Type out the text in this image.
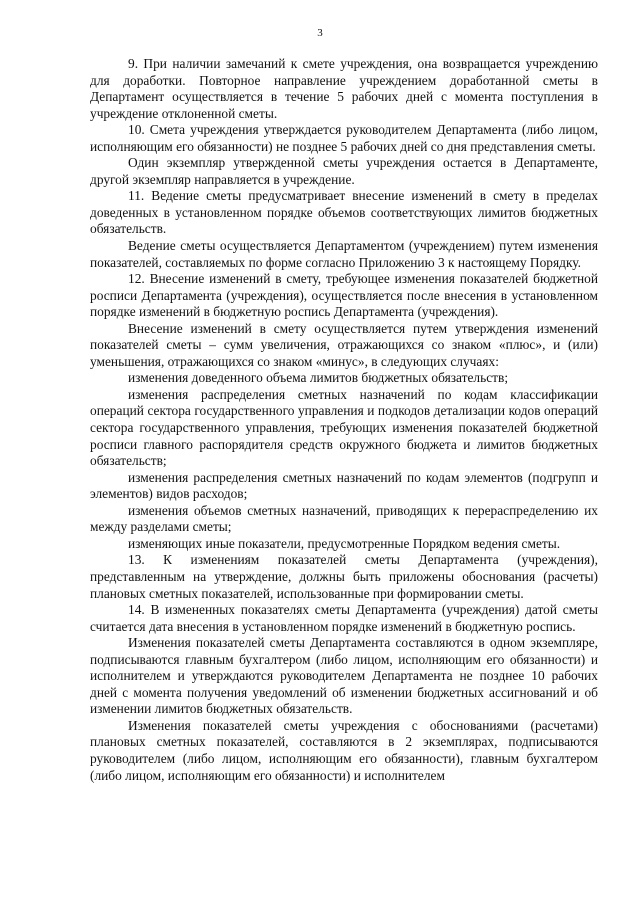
3

9. При наличии замечаний к смете учреждения, она возвращается учреждению для доработки. Повторное направление учреждением доработанной сметы в Департамент осуществляется в течение 5 рабочих дней с момента поступления в учреждение отклоненной сметы.

10. Смета учреждения утверждается руководителем Департамента (либо лицом, исполняющим его обязанности) не позднее 5 рабочих дней со дня представления сметы.

Один экземпляр утвержденной сметы учреждения остается в Департаменте, другой экземпляр направляется в учреждение.

11. Ведение сметы предусматривает внесение изменений в смету в пределах доведенных в установленном порядке объемов соответствующих лимитов бюджетных обязательств.

Ведение сметы осуществляется Департаментом (учреждением) путем изменения показателей, составляемых по форме согласно Приложению 3 к настоящему Порядку.

12. Внесение изменений в смету, требующее изменения показателей бюджетной росписи Департамента (учреждения), осуществляется после внесения в установленном порядке изменений в бюджетную роспись Департамента (учреждения).

Внесение изменений в смету осуществляется путем утверждения изменений показателей сметы – сумм увеличения, отражающихся со знаком «плюс», и (или) уменьшения, отражающихся со знаком «минус», в следующих случаях:

изменения доведенного объема лимитов бюджетных обязательств;

изменения распределения сметных назначений по кодам классификации операций сектора государственного управления и подкодов детализации кодов операций сектора государственного управления, требующих изменения показателей бюджетной росписи главного распорядителя средств окружного бюджета и лимитов бюджетных обязательств;

изменения распределения сметных назначений по кодам элементов (подгрупп и элементов) видов расходов;

изменения объемов сметных назначений, приводящих к перераспределению их между разделами сметы;

изменяющих иные показатели, предусмотренные Порядком ведения сметы.

13. К изменениям показателей сметы Департамента (учреждения), представленным на утверждение, должны быть приложены обоснования (расчеты) плановых сметных показателей, использованные при формировании сметы.

14. В измененных показателях сметы Департамента (учреждения) датой сметы считается дата внесения в установленном порядке изменений в бюджетную роспись.

Изменения показателей сметы Департамента составляются в одном экземпляре, подписываются главным бухгалтером (либо лицом, исполняющим его обязанности) и исполнителем и утверждаются руководителем Департамента не позднее 10 рабочих дней с момента получения уведомлений об изменении бюджетных ассигнований и об изменении лимитов бюджетных обязательств.

Изменения показателей сметы учреждения с обоснованиями (расчетами) плановых сметных показателей, составляются в 2 экземплярах, подписываются руководителем (либо лицом, исполняющим его обязанности), главным бухгалтером (либо лицом, исполняющим его обязанности) и исполнителем
